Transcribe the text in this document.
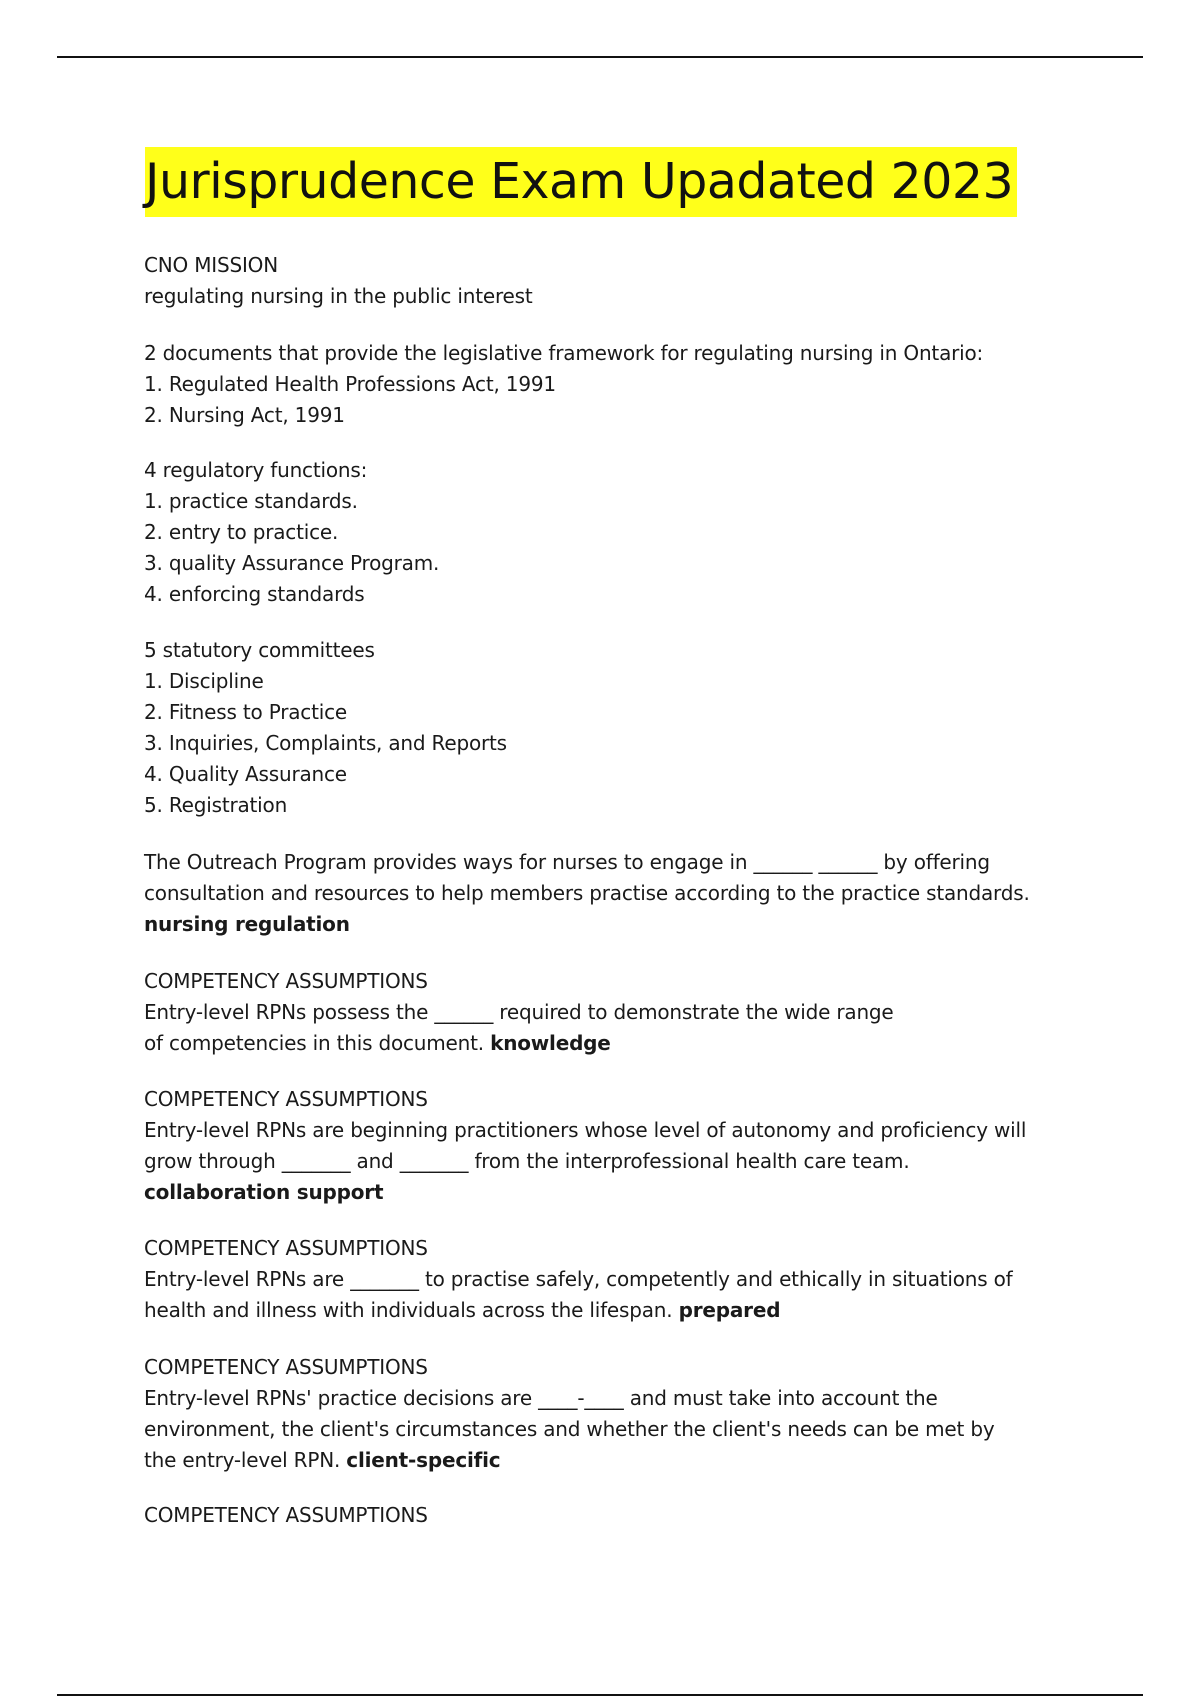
Jurisprudence Exam Upadated 2023
CNO MISSION
regulating nursing in the public interest
2 documents that provide the legislative framework for regulating nursing in Ontario:
1. Regulated Health Professions Act, 1991
2. Nursing Act, 1991
4 regulatory functions:
1. practice standards.
2. entry to practice.
3. quality Assurance Program.
4. enforcing standards
5 statutory committees
1. Discipline
2. Fitness to Practice
3. Inquiries, Complaints, and Reports
4. Quality Assurance
5. Registration
The Outreach Program provides ways for nurses to engage in ______ ______ by offering
consultation and resources to help members practise according to the practice standards.
nursing regulation
COMPETENCY ASSUMPTIONS
Entry-level RPNs possess the ______ required to demonstrate the wide range
of competencies in this document. knowledge
COMPETENCY ASSUMPTIONS
Entry-level RPNs are beginning practitioners whose level of autonomy and proficiency will
grow through _______ and _______ from the interprofessional health care team.
collaboration support
COMPETENCY ASSUMPTIONS
Entry-level RPNs are _______ to practise safely, competently and ethically in situations of
health and illness with individuals across the lifespan. prepared
COMPETENCY ASSUMPTIONS
Entry-level RPNs' practice decisions are ____-____ and must take into account the
environment, the client's circumstances and whether the client's needs can be met by
the entry-level RPN. client-specific
COMPETENCY ASSUMPTIONS
